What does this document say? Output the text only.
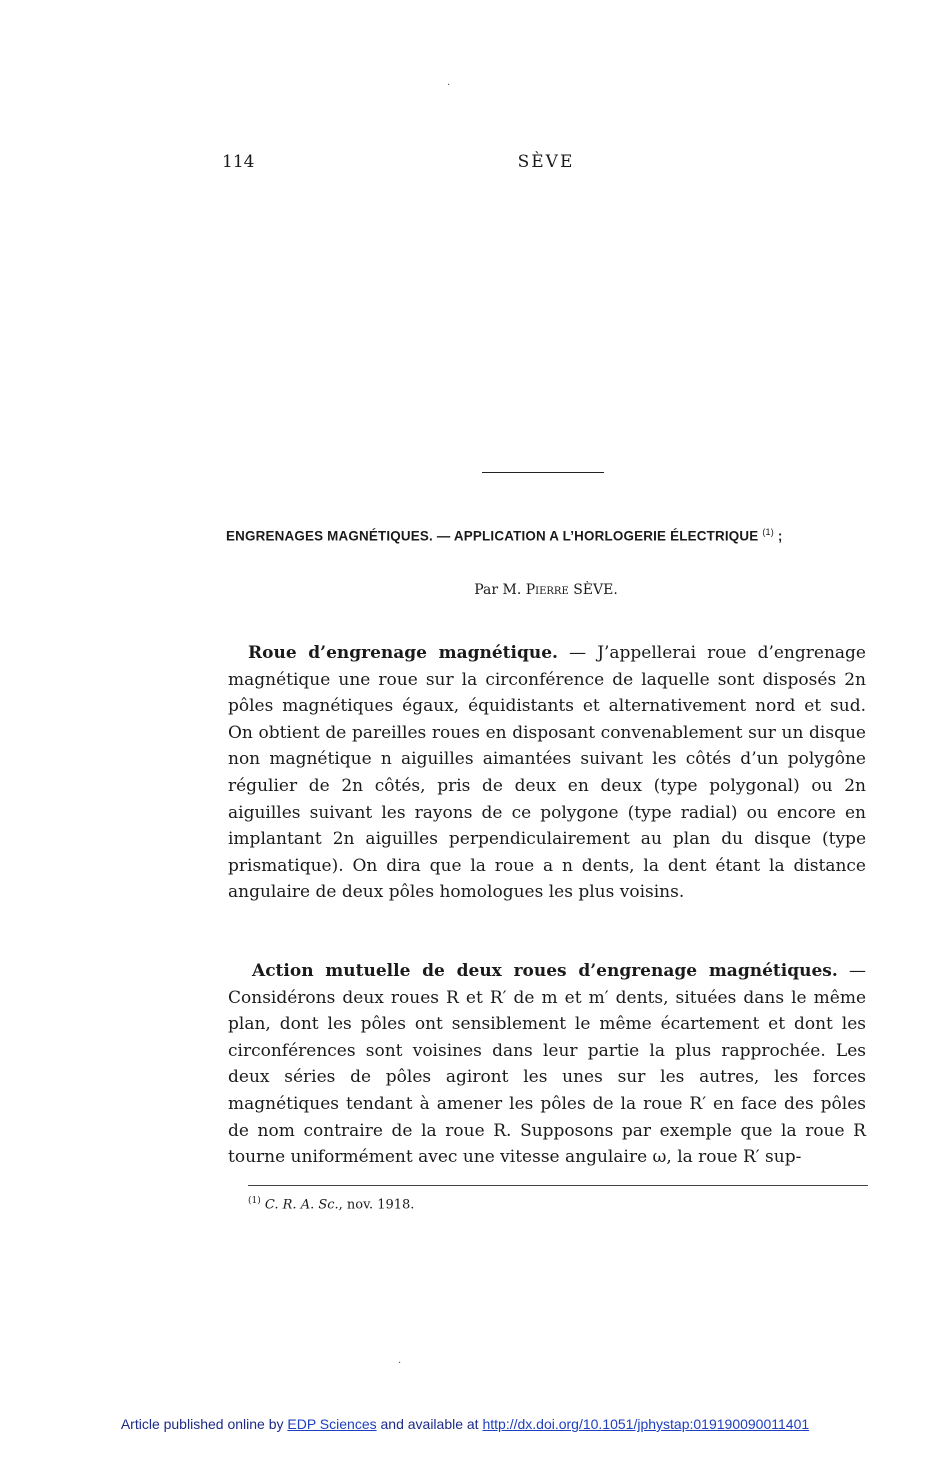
114	SÈVE
·
ENGRENAGES MAGNÉTIQUES. — APPLICATION A L’HORLOGERIE ÉLECTRIQUE $^{(1)}$ ;
Par M. Pierre SÈVE.

Roue d’engrenage magnétique. — J’appellerai roue d’engrenage magnétique une roue sur la circonférence de laquelle sont disposés 2n pôles magnétiques égaux, équidistants et alternativement nord et sud. On obtient de pareilles roues en disposant convenablement sur un disque non magnétique n aiguilles aimantées suivant les côtés d’un polygône régulier de 2n côtés, pris de deux en deux (type polygonal) ou 2n aiguilles suivant les rayons de ce polygone (type radial) ou encore en implantant 2n aiguilles perpendiculairement au plan du disque (type prismatique). On dira que la roue a n dents, la dent étant la distance angulaire de deux pôles homologues les plus voisins.

Action mutuelle de deux roues d’engrenage magnétiques. — Considérons deux roues R et R′ de m et m′ dents, situées dans le même plan, dont les pôles ont sensiblement le même écartement et dont les circonférences sont voisines dans leur partie la plus rapprochée. Les deux séries de pôles agiront les unes sur les autres, les forces magnétiques tendant à amener les pôles de la roue R′ en face des pôles de nom contraire de la roue R. Supposons par exemple que la roue R tourne uniformément avec une vitesse angulaire ω, la roue R′ sup-

$^{(1)}$ C. R. A. Sc., nov. 1918.
·
Article published online by EDP Sciences and available at http://dx.doi.org/10.1051/jphystap:019190090011401
